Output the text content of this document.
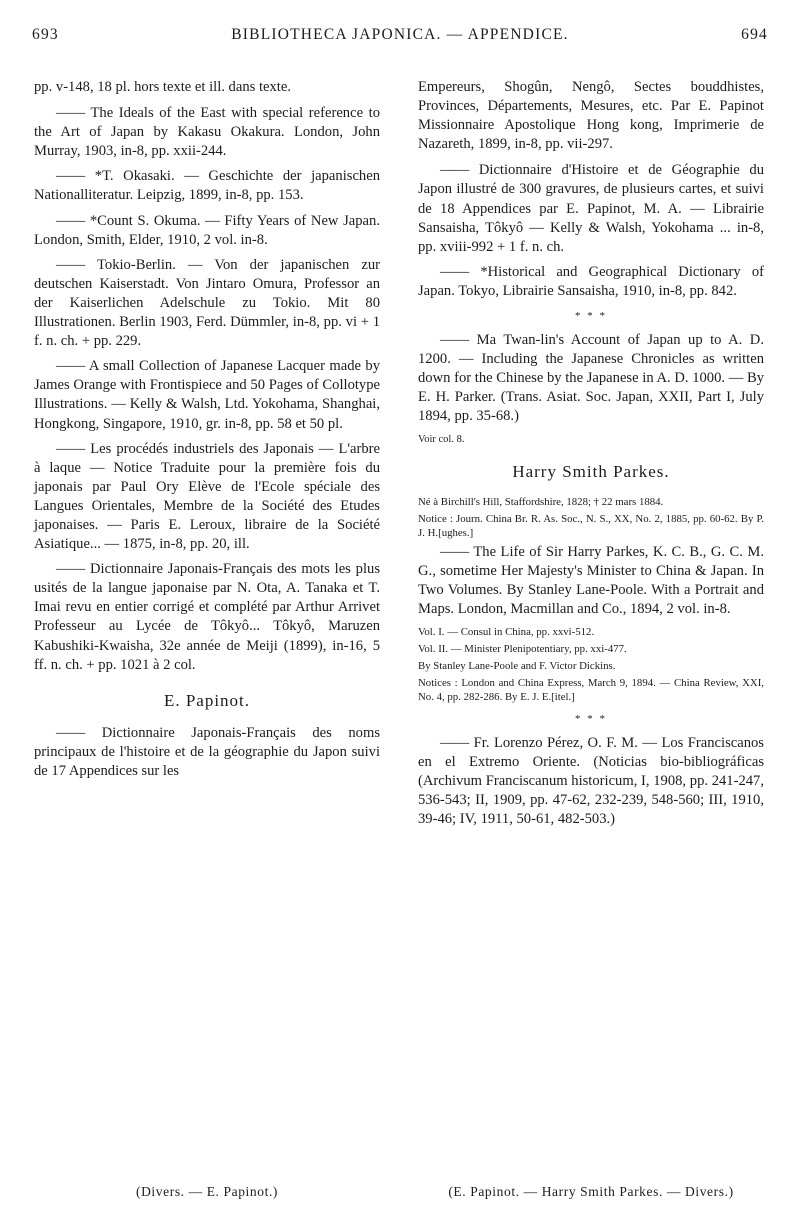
693	BIBLIOTHECA JAPONICA. — APPENDICE.	694

pp. v-148, 18 pl. hors texte et ill. dans texte.

—— The Ideals of the East with special reference to the Art of Japan by Kakasu Okakura. London, John Murray, 1903, in-8, pp. xxii-244.

—— *T. Okasaki. — Geschichte der japanischen Nationalliteratur. Leipzig, 1899, in-8, pp. 153.

—— *Count S. Okuma. — Fifty Years of New Japan. London, Smith, Elder, 1910, 2 vol. in-8.

—— Tokio-Berlin. — Von der japanischen zur deutschen Kaiserstadt. Von Jintaro Omura, Professor an der Kaiserlichen Adelschule zu Tokio. Mit 80 Illustrationen. Berlin 1903, Ferd. Dümmler, in-8, pp. vi + 1 f. n. ch. + pp. 229.

—— A small Collection of Japanese Lacquer made by James Orange with Frontispiece and 50 Pages of Collotype Illustrations. — Kelly & Walsh, Ltd. Yokohama, Shanghai, Hongkong, Singapore, 1910, gr. in-8, pp. 58 et 50 pl.

—— Les procédés industriels des Japonais — L'arbre à laque — Notice Traduite pour la première fois du japonais par Paul Ory Elève de l'Ecole spéciale des Langues Orientales, Membre de la Société des Etudes japonaises. — Paris E. Leroux, libraire de la Société Asiatique... — 1875, in-8, pp. 20, ill.

—— Dictionnaire Japonais-Français des mots les plus usités de la langue japonaise par N. Ota, A. Tanaka et T. Imai revu en entier corrigé et complété par Arthur Arrivet Professeur au Lycée de Tôkyô... Tôkyô, Maruzen Kabushiki-Kwaisha, 32e année de Meiji (1899), in-16, 5 ff. n. ch. + pp. 1021 à 2 col.

E. Papinot.

—— Dictionnaire Japonais-Français des noms principaux de l'histoire et de la géographie du Japon suivi de 17 Appendices sur les

Empereurs, Shogûn, Nengô, Sectes bouddhistes, Provinces, Départements, Mesures, etc. Par E. Papinot Missionnaire Apostolique Hong kong, Imprimerie de Nazareth, 1899, in-8, pp. vii-297.

—— Dictionnaire d'Histoire et de Géographie du Japon illustré de 300 gravures, de plusieurs cartes, et suivi de 18 Appendices par E. Papinot, M. A. — Librairie Sansaisha, Tôkyô — Kelly & Walsh, Yokohama ... in-8, pp. xviii-992 + 1 f. n. ch.

—— *Historical and Geographical Dictionary of Japan. Tokyo, Librairie Sansaisha, 1910, in-8, pp. 842.

* * *

—— Ma Twan-lin's Account of Japan up to A. D. 1200. — Including the Japanese Chronicles as written down for the Chinese by the Japanese in A. D. 1000. — By E. H. Parker. (Trans. Asiat. Soc. Japan, XXII, Part I, July 1894, pp. 35-68.)

Voir col. 8.

Harry Smith Parkes.

Né à Birchill's Hill, Staffordshire, 1828; † 22 mars 1884.

Notice : Journ. China Br. R. As. Soc., N. S., XX, No. 2, 1885, pp. 60-62. By P. J. H.[ughes.]

—— The Life of Sir Harry Parkes, K. C. B., G. C. M. G., sometime Her Majesty's Minister to China & Japan. In Two Volumes. By Stanley Lane-Poole. With a Portrait and Maps. London, Macmillan and Co., 1894, 2 vol. in-8.

Vol. I. — Consul in China, pp. xxvi-512.

Vol. II. — Minister Plenipotentiary, pp. xxi-477.

By Stanley Lane-Poole and F. Victor Dickins.

Notices : London and China Express, March 9, 1894. — China Review, XXI, No. 4, pp. 282-286. By E. J. E.[itel.]

* * *

—— Fr. Lorenzo Pérez, O. F. M. — Los Franciscanos en el Extremo Oriente. (Noticias bio-bibliográficas (Archivum Franciscanum historicum, I, 1908, pp. 241-247, 536-543; II, 1909, pp. 47-62, 232-239, 548-560; III, 1910, 39-46; IV, 1911, 50-61, 482-503.)

(Divers. — E. Papinot.)	(E. Papinot. — Harry Smith Parkes. — Divers.)
